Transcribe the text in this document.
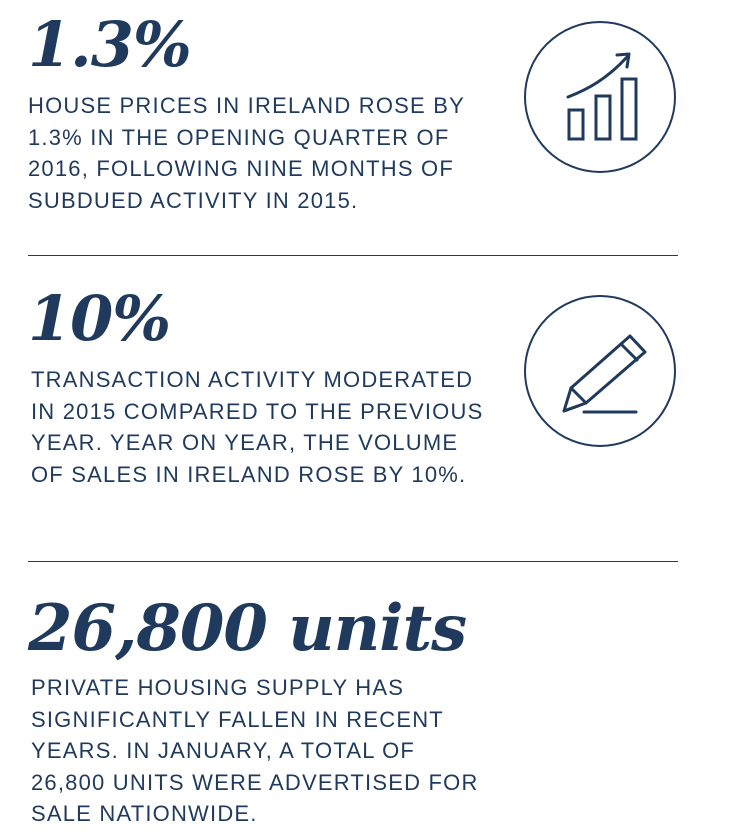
1.3%

HOUSE PRICES IN IRELAND ROSE BY 1.3% IN THE OPENING QUARTER OF 2016, FOLLOWING NINE MONTHS OF SUBDUED ACTIVITY IN 2015.

10%

TRANSACTION ACTIVITY MODERATED IN 2015 COMPARED TO THE PREVIOUS YEAR. YEAR ON YEAR, THE VOLUME OF SALES IN IRELAND ROSE BY 10%.

26,800 units

PRIVATE HOUSING SUPPLY HAS SIGNIFICANTLY FALLEN IN RECENT YEARS. IN JANUARY, A TOTAL OF 26,800 UNITS WERE ADVERTISED FOR SALE NATIONWIDE.
